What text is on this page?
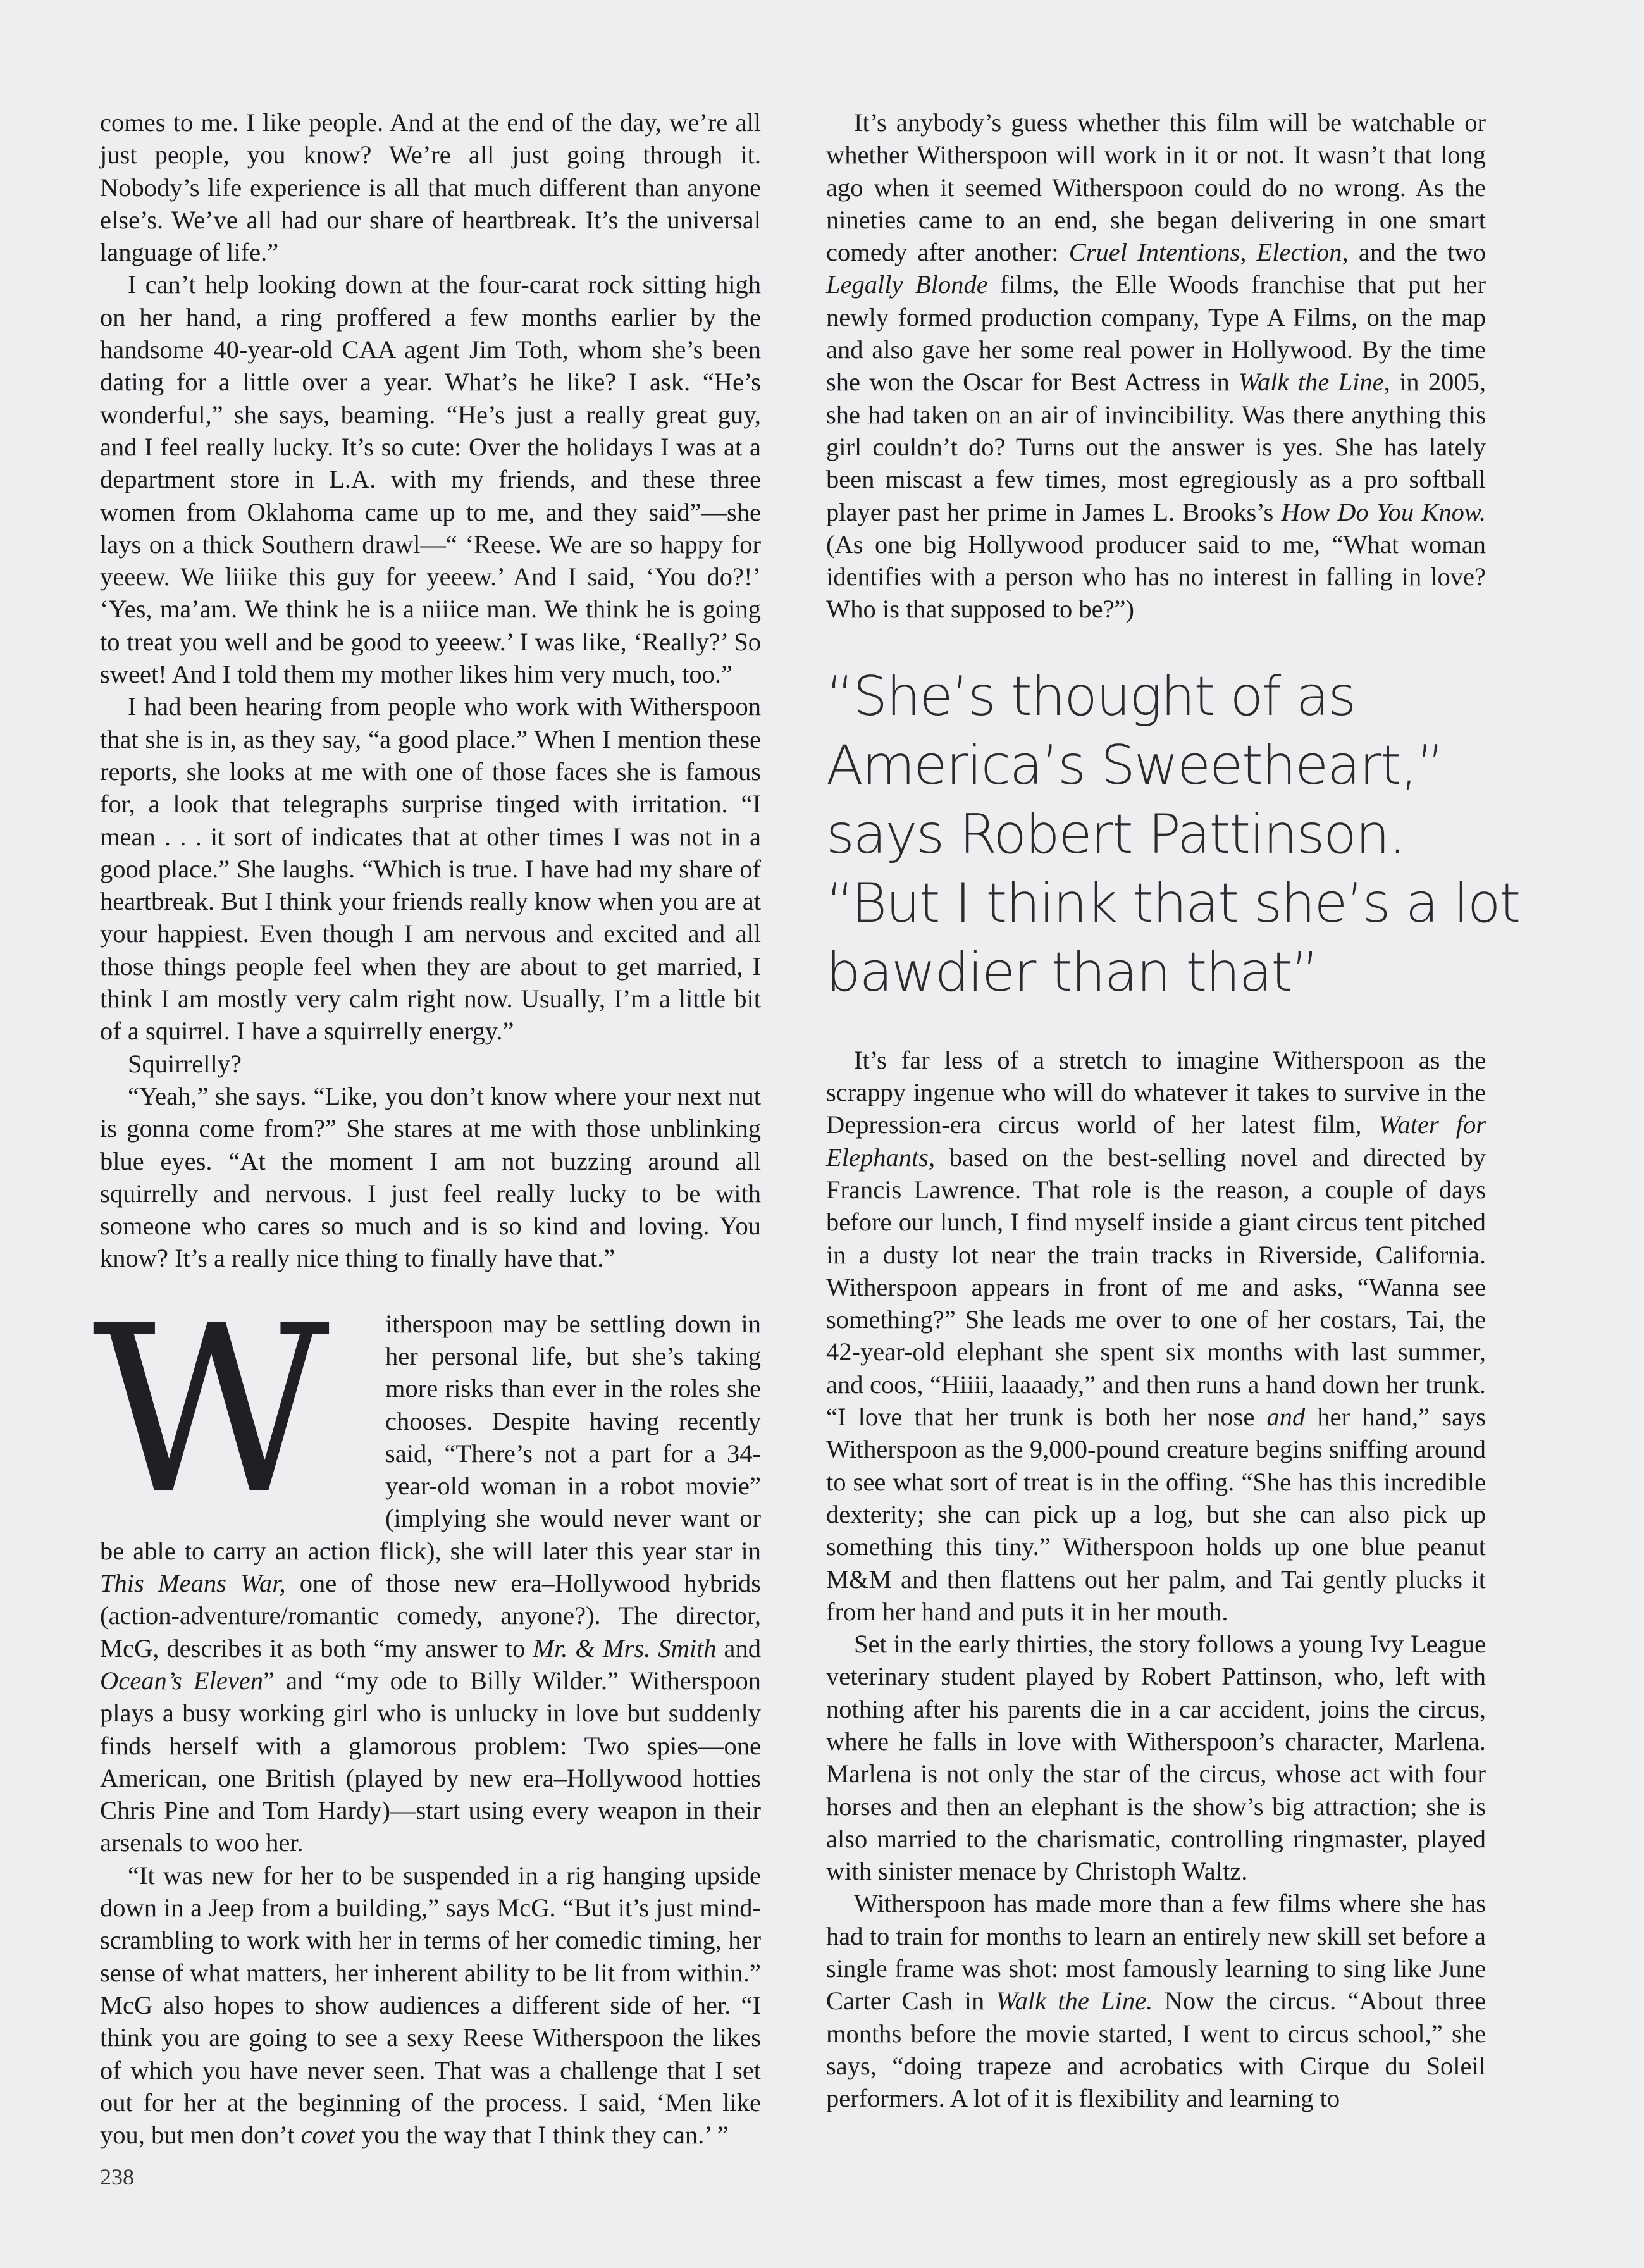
comes to me. I like people. And at the end of the day, we’re all just people, you know? We’re all just going through it. Nobody’s life experience is all that much different than anyone else’s. We’ve all had our share of heartbreak. It’s the universal language of life.”

I can’t help looking down at the four-carat rock sitting high on her hand, a ring proffered a few months earlier by the handsome 40-year-old CAA agent Jim Toth, whom she’s been dating for a little over a year. What’s he like? I ask. “He’s wonderful,” she says, beaming. “He’s just a really great guy, and I feel really lucky. It’s so cute: Over the holidays I was at a department store in L.A. with my friends, and these three women from Oklahoma came up to me, and they said”—she lays on a thick Southern drawl—“ ‘Reese. We are so happy for yeeew. We liiike this guy for yeeew.’ And I said, ‘You do?!’ ‘Yes, ma’am. We think he is a niiice man. We think he is going to treat you well and be good to yeeew.’ I was like, ‘Really?’ So sweet! And I told them my mother likes him very much, too.”

I had been hearing from people who work with Witherspoon that she is in, as they say, “a good place.” When I mention these reports, she looks at me with one of those faces she is famous for, a look that telegraphs surprise tinged with irritation. “I mean . . . it sort of indicates that at other times I was not in a good place.” She laughs. “Which is true. I have had my share of heartbreak. But I think your friends really know when you are at your happiest. Even though I am nervous and excited and all those things people feel when they are about to get married, I think I am mostly very calm right now. Usually, I’m a little bit of a squirrel. I have a squirrelly energy.”

Squirrelly?

“Yeah,” she says. “Like, you don’t know where your next nut is gonna come from?” She stares at me with those unblinking blue eyes. “At the moment I am not buzzing around all squirrelly and nervous. I just feel really lucky to be with someone who cares so much and is so kind and loving. You know? It’s a really nice thing to finally have that.”

W	itherspoon may be settling down in her personal life, but she’s taking more risks than ever in the roles she chooses. Despite having recently said, “There’s not a part for a 34-year-old woman in a robot movie” (implying she would never want or be able to carry an action flick), she will later this year star in This Means War, one of those new era–Hollywood hybrids (action-adventure/romantic comedy, anyone?). The director, McG, describes it as both “my answer to Mr. & Mrs. Smith and Ocean’s Eleven” and “my ode to Billy Wilder.” Witherspoon plays a busy working girl who is unlucky in love but suddenly finds herself with a glamorous problem: Two spies—one American, one British (played by new era–Hollywood hotties Chris Pine and Tom Hardy)—start using every weapon in their arsenals to woo her.

“It was new for her to be suspended in a rig hanging upside down in a Jeep from a building,” says McG. “But it’s just mind-scrambling to work with her in terms of her comedic timing, her sense of what matters, her inherent ability to be lit from within.” McG also hopes to show audiences a different side of her. “I think you are going to see a sexy Reese Witherspoon the likes of which you have never seen. That was a challenge that I set out for her at the beginning of the process. I said, ‘Men like you, but men don’t covet you the way that I think they can.’ ”

It’s anybody’s guess whether this film will be watchable or whether Witherspoon will work in it or not. It wasn’t that long ago when it seemed Witherspoon could do no wrong. As the nineties came to an end, she began delivering in one smart comedy after another: Cruel Intentions, Election, and the two Legally Blonde films, the Elle Woods franchise that put her newly formed production company, Type A Films, on the map and also gave her some real power in Hollywood. By the time she won the Oscar for Best Actress in Walk the Line, in 2005, she had taken on an air of invincibility. Was there anything this girl couldn’t do? Turns out the answer is yes. She has lately been miscast a few times, most egregiously as a pro softball player past her prime in James L. Brooks’s How Do You Know. (As one big Hollywood producer said to me, “What woman identifies with a person who has no interest in falling in love? Who is that supposed to be?”)

“She’s thought of as
America’s Sweetheart,”
says Robert Pattinson.
“But I think that she’s a lot
bawdier than that”

It’s far less of a stretch to imagine Witherspoon as the scrappy ingenue who will do whatever it takes to survive in the Depression-era circus world of her latest film, Water for Elephants, based on the best-selling novel and directed by Francis Lawrence. That role is the reason, a couple of days before our lunch, I find myself inside a giant circus tent pitched in a dusty lot near the train tracks in Riverside, California. Witherspoon appears in front of me and asks, “Wanna see something?” She leads me over to one of her costars, Tai, the 42-year-old elephant she spent six months with last summer, and coos, “Hiiii, laaaady,” and then runs a hand down her trunk. “I love that her trunk is both her nose and her hand,” says Witherspoon as the 9,000-pound creature begins sniffing around to see what sort of treat is in the offing. “She has this incredible dexterity; she can pick up a log, but she can also pick up something this tiny.” Witherspoon holds up one blue peanut M&M and then flattens out her palm, and Tai gently plucks it from her hand and puts it in her mouth.

Set in the early thirties, the story follows a young Ivy League veterinary student played by Robert Pattinson, who, left with nothing after his parents die in a car accident, joins the circus, where he falls in love with Witherspoon’s character, Marlena. Marlena is not only the star of the circus, whose act with four horses and then an elephant is the show’s big attraction; she is also married to the charismatic, controlling ringmaster, played with sinister menace by Christoph Waltz.

Witherspoon has made more than a few films where she has had to train for months to learn an entirely new skill set before a single frame was shot: most famously learning to sing like June Carter Cash in Walk the Line. Now the circus. “About three months before the movie started, I went to circus school,” she says, “doing trapeze and acrobatics with Cirque du Soleil performers. A lot of it is flexibility and learning to

238
